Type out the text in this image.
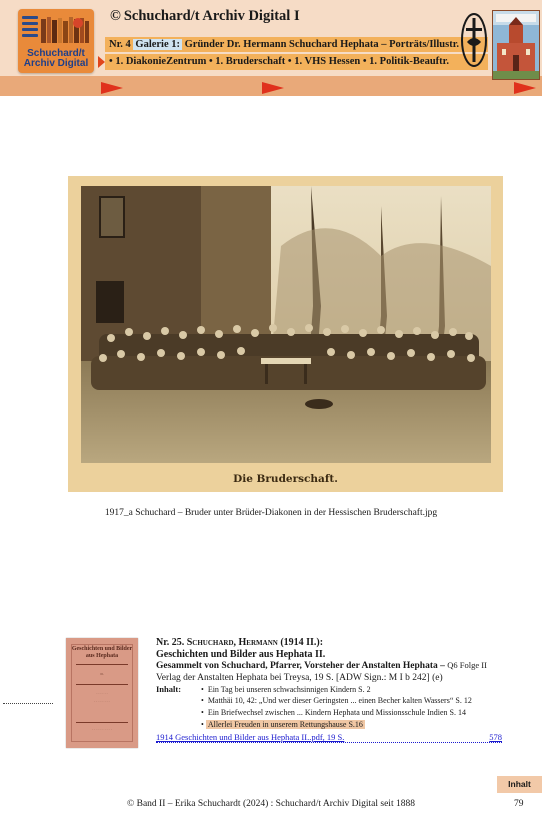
Schuchard/t
Archiv Digital
© Schuchard/t Archiv Digital I
Nr. 4 Galerie 1: Gründer Dr. Hermann Schuchard Hephata – Porträts/Illustr.
• 1. DiakonieZentrum • 1. Bruderschaft • 1. VHS Hessen • 1. Politik-Beauftr.
Die Bruderschaft.
1917_a Schuchard – Bruder unter Brüder-Diakonen in der Hessischen Bruderschaft.jpg
Geschichten und Bilder
aus Hephata
II.
· · · · · ·
· · · · · · · ·
· · · · · · · · · ·
Nr. 25. Schuchard, Hermann (1914 II.):
Geschichten und Bilder aus Hephata II.
Gesammelt von Schuchard, Pfarrer, Vorsteher der Anstalten Hephata – Q6 Folge II
Verlag der Anstalten Hephata bei Treysa, 19 S. [ADW Sign.: M I b 242] (e)
Inhalt:	• Ein Tag bei unseren schwachsinnigen Kindern S. 2
• Matthäi 10, 42: „Und wer dieser Geringsten ... einen Becher kalten Wassers“ S. 12
• Ein Briefwechsel zwischen ... Kindern Hephata und Missionsschule Indien S. 14
• Allerlei Freuden in unserem Rettungshause S.16
1914 Geschichten und Bilder aus Hephata II..pdf, 19 S.	578
Inhalt
© Band II – Erika Schuchardt (2024) : Schuchard/t Archiv Digital seit 1888	79
